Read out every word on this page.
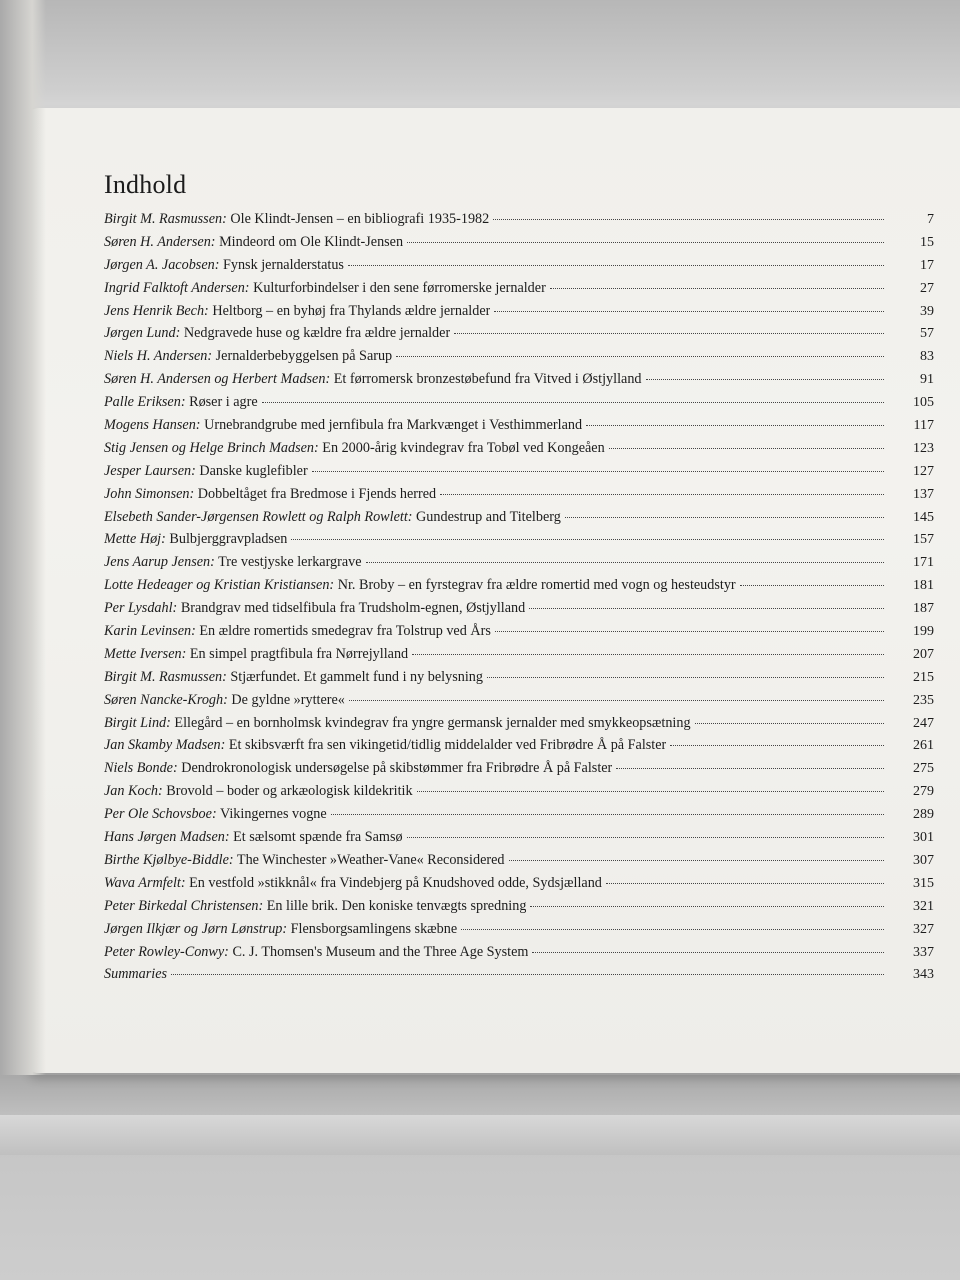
Indhold
Birgit M. Rasmussen: Ole Klindt-Jensen – en bibliografi 1935-1982	7
Søren H. Andersen: Mindeord om Ole Klindt-Jensen	15
Jørgen A. Jacobsen: Fynsk jernalderstatus	17
Ingrid Falktoft Andersen: Kulturforbindelser i den sene førromerske jernalder	27
Jens Henrik Bech: Heltborg – en byhøj fra Thylands ældre jernalder	39
Jørgen Lund: Nedgravede huse og kældre fra ældre jernalder	57
Niels H. Andersen: Jernalderbebyggelsen på Sarup	83
Søren H. Andersen og Herbert Madsen: Et førromersk bronzestøbefund fra Vitved i Østjylland	91
Palle Eriksen: Røser i agre	105
Mogens Hansen: Urnebrandgrube med jernfibula fra Markvænget i Vesthimmerland	117
Stig Jensen og Helge Brinch Madsen: En 2000-årig kvindegrav fra Tobøl ved Kongeåen	123
Jesper Laursen: Danske kuglefibler	127
John Simonsen: Dobbeltåget fra Bredmose i Fjends herred	137
Elsebeth Sander-Jørgensen Rowlett og Ralph Rowlett: Gundestrup and Titelberg	145
Mette Høj: Bulbjerggravpladsen	157
Jens Aarup Jensen: Tre vestjyske lerkargrave	171
Lotte Hedeager og Kristian Kristiansen: Nr. Broby – en fyrstegrav fra ældre romertid med vogn og hesteudstyr	181
Per Lysdahl: Brandgrav med tidselfibula fra Trudsholm-egnen, Østjylland	187
Karin Levinsen: En ældre romertids smedegrav fra Tolstrup ved Års	199
Mette Iversen: En simpel pragtfibula fra Nørrejylland	207
Birgit M. Rasmussen: Stjærfundet. Et gammelt fund i ny belysning	215
Søren Nancke-Krogh: De gyldne »ryttere«	235
Birgit Lind: Ellegård – en bornholmsk kvindegrav fra yngre germansk jernalder med smykkeopsætning	247
Jan Skamby Madsen: Et skibsværft fra sen vikingetid/tidlig middelalder ved Fribrødre Å på Falster	261
Niels Bonde: Dendrokronologisk undersøgelse på skibstømmer fra Fribrødre Å på Falster	275
Jan Koch: Brovold – boder og arkæologisk kildekritik	279
Per Ole Schovsboe: Vikingernes vogne	289
Hans Jørgen Madsen: Et sælsomt spænde fra Samsø	301
Birthe Kjølbye-Biddle: The Winchester »Weather-Vane« Reconsidered	307
Wava Armfelt: En vestfold »stikknål« fra Vindebjerg på Knudshoved odde, Sydsjælland	315
Peter Birkedal Christensen: En lille brik. Den koniske tenvægts spredning	321
Jørgen Ilkjær og Jørn Lønstrup: Flensborgsamlingens skæbne	327
Peter Rowley-Conwy: C. J. Thomsen's Museum and the Three Age System	337
Summaries	343
